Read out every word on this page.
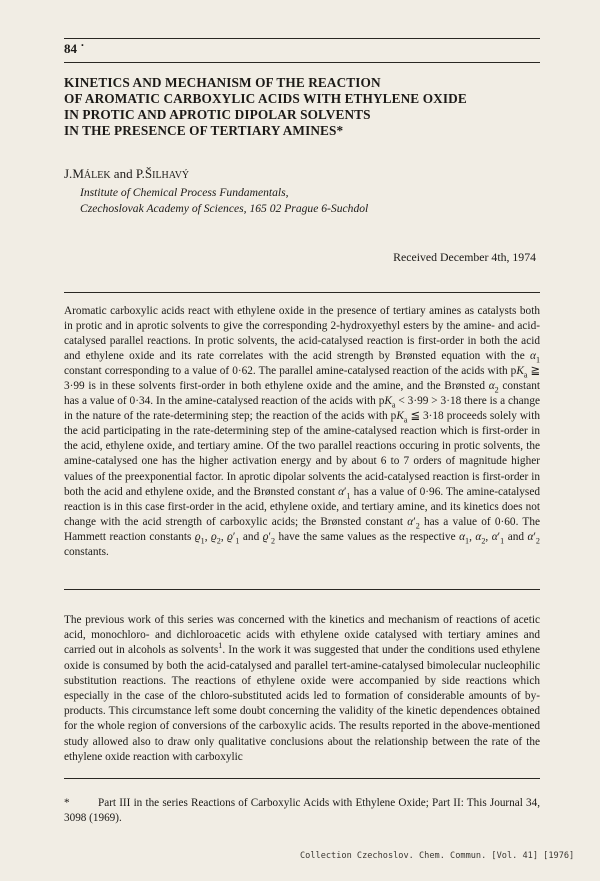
84 ˙
KINETICS AND MECHANISM OF THE REACTION
OF AROMATIC CARBOXYLIC ACIDS WITH ETHYLENE OXIDE
IN PROTIC AND APROTIC DIPOLAR SOLVENTS
IN THE PRESENCE OF TERTIARY AMINES*
J.MÁLEK and P.ŠILHAVÝ
Institute of Chemical Process Fundamentals,
Czechoslovak Academy of Sciences, 165 02 Prague 6-Suchdol
Received December 4th, 1974

Aromatic carboxylic acids react with ethylene oxide in the presence of tertiary amines as catalysts both in protic and in aprotic solvents to give the corresponding 2-hydroxyethyl esters by the amine- and acid-catalysed parallel reactions. In protic solvents, the acid-catalysed reaction is first-order in both the acid and ethylene oxide and its rate correlates with the acid strength by Brønsted equation with the $\alpha_1$ constant corresponding to a value of 0·62. The parallel amine-catalysed reaction of the acids with $pK_a$ ≧ 3·99 is in these solvents first-order in both ethylene oxide and the amine, and the Brønsted $\alpha_2$ constant has a value of 0·34. In the amine-catalysed reaction of the acids with $pK_a < 3\cdot 99 > 3\cdot 18$ there is a change in the nature of the rate-determining step; the reaction of the acids with $pK_a$ ≦ 3·18 proceeds solely with the acid participating in the rate-determining step of the amine-catalysed reaction which is first-order in the acid, ethylene oxide, and tertiary amine. Of the two parallel reactions occuring in protic solvents, the amine-catalysed one has the higher activation energy and by about 6 to 7 orders of magnitude higher values of the preexponential factor. In aprotic dipolar solvents the acid-catalysed reaction is first-order in both the acid and ethylene oxide, and the Brønsted constant $\alpha'_1$ has a value of 0·96. The amine-catalysed reaction is in this case first-order in the acid, ethylene oxide, and tertiary amine, and its kinetics does not change with the acid strength of carboxylic acids; the Brønsted constant $\alpha'_2$ has a value of 0·60. The Hammett reaction constants $ϱ_1$, $ϱ_2$, $ϱ'_1$ and $ϱ'_2$ have the same values as the respective $\alpha_1$, $\alpha_2$, $\alpha'_1$ and $\alpha'_2$ constants.

The previous work of this series was concerned with the kinetics and mechanism of reactions of acetic acid, monochloro- and dichloroacetic acids with ethylene oxide catalysed with tertiary amines and carried out in alcohols as solvents$^1$. In the work it was suggested that under the conditions used ethylene oxide is consumed by both the acid-catalysed and parallel tert-amine-catalysed bimolecular nucleophilic substitution reactions. The reactions of ethylene oxide were accompanied by side reactions which especially in the case of the chloro-substituted acids led to formation of considerable amounts of by-products. This circumstance left some doubt concerning the validity of the kinetic dependences obtained for the whole region of conversions of the carboxylic acids. The results reported in the above-mentioned study allowed also to draw only qualitative conclusions about the relationship between the rate of the ethylene oxide reaction with carboxylic

*	Part III in the series Reactions of Carboxylic Acids with Ethylene Oxide; Part II: This Journal 34, 3098 (1969).
Collection Czechoslov. Chem. Commun. [Vol. 41] [1976]
